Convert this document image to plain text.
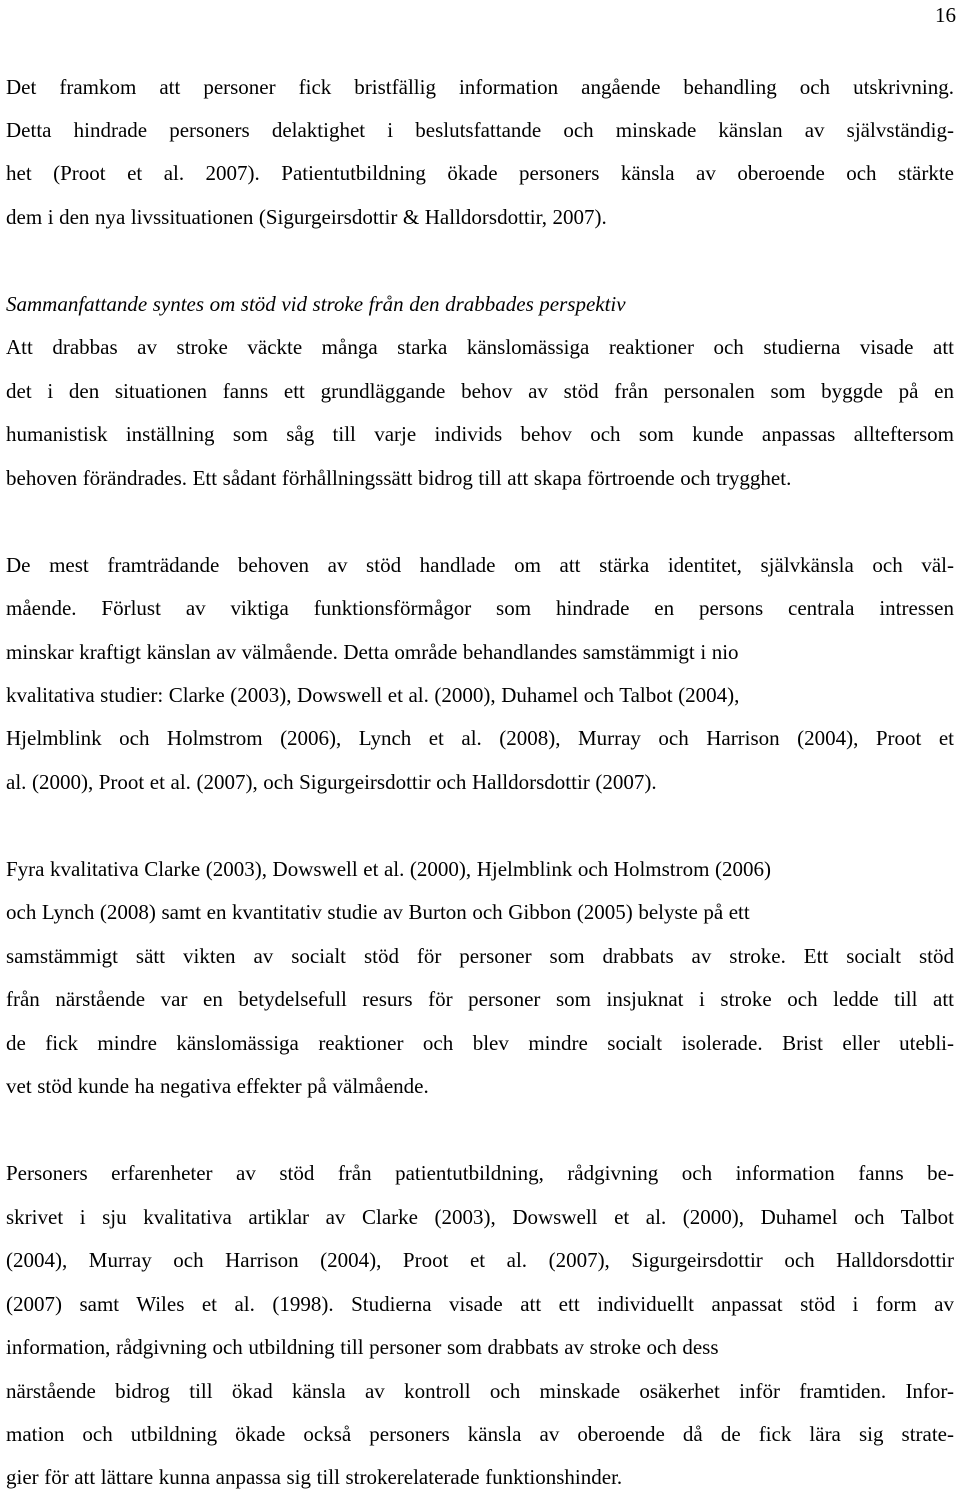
16
Det framkom att personer fick bristfällig information angående behandling och utskrivning.
Detta hindrade personers delaktighet i beslutsfattande och minskade känslan av självständig-
het (Proot et al. 2007). Patientutbildning ökade personers känsla av oberoende och stärkte
dem i den nya livssituationen (Sigurgeirsdottir & Halldorsdottir, 2007).
Sammanfattande syntes om stöd vid stroke från den drabbades perspektiv
Att drabbas av stroke väckte många starka känslomässiga reaktioner och studierna visade att
det i den situationen fanns ett grundläggande behov av stöd från personalen som byggde på en
humanistisk inställning som såg till varje individs behov och som kunde anpassas allteftersom
behoven förändrades. Ett sådant förhållningssätt bidrog till att skapa förtroende och trygghet.
De mest framträdande behoven av stöd handlade om att stärka identitet, självkänsla och väl-
mående. Förlust av viktiga funktionsförmågor som hindrade en persons centrala intressen
minskar kraftigt känslan av välmående. Detta område behandlandes samstämmigt i nio
kvalitativa studier: Clarke (2003), Dowswell et al. (2000), Duhamel och Talbot (2004),
Hjelmblink och Holmstrom (2006), Lynch et al. (2008), Murray och Harrison (2004), Proot et
al. (2000), Proot et al. (2007), och Sigurgeirsdottir och Halldorsdottir (2007).
Fyra kvalitativa Clarke (2003), Dowswell et al. (2000), Hjelmblink och Holmstrom (2006)
och Lynch (2008) samt en kvantitativ studie av Burton och Gibbon (2005) belyste på ett
samstämmigt sätt vikten av socialt stöd för personer som drabbats av stroke. Ett socialt stöd
från närstående var en betydelsefull resurs för personer som insjuknat i stroke och ledde till att
de fick mindre känslomässiga reaktioner och blev mindre socialt isolerade. Brist eller utebli-
vet stöd kunde ha negativa effekter på välmående.
Personers erfarenheter av stöd från patientutbildning, rådgivning och information fanns be-
skrivet i sju kvalitativa artiklar av Clarke (2003), Dowswell et al. (2000), Duhamel och Talbot
(2004), Murray och Harrison (2004), Proot et al. (2007), Sigurgeirsdottir och Halldorsdottir
(2007) samt Wiles et al. (1998). Studierna visade att ett individuellt anpassat stöd i form av
information, rådgivning och utbildning till personer som drabbats av stroke och dess
närstående bidrog till ökad känsla av kontroll och minskade osäkerhet inför framtiden. Infor-
mation och utbildning ökade också personers känsla av oberoende då de fick lära sig strate-
gier för att lättare kunna anpassa sig till strokerelaterade funktionshinder.
